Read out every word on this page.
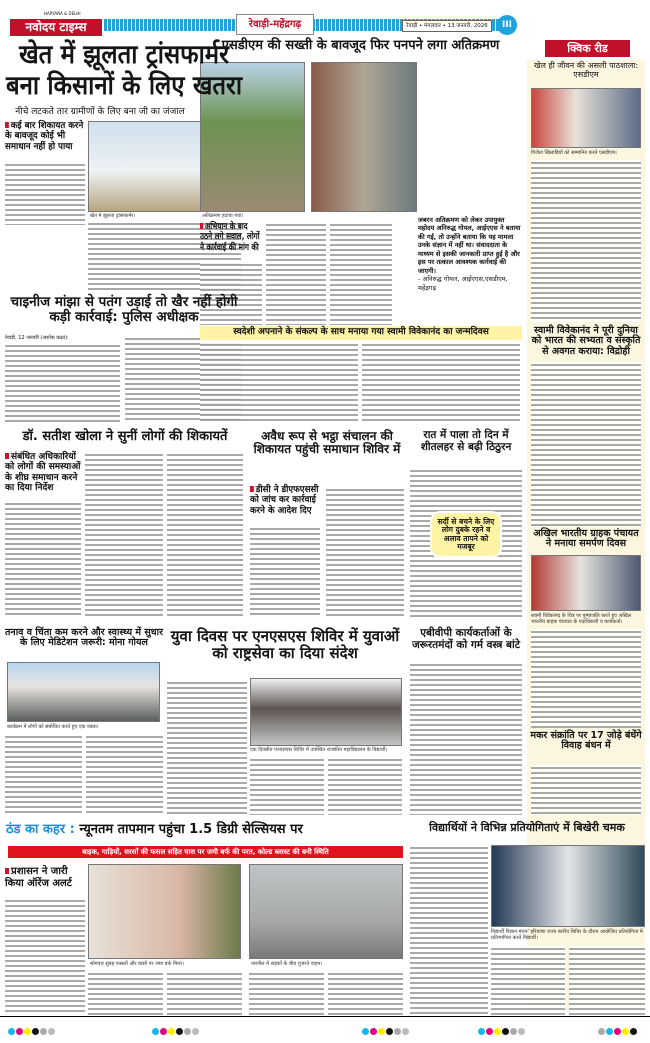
नवोदय टाइम्स
HARYANA & DELHI
रेवाड़ी-महेंद्रगढ़	रेवाड़ी • मंगलवार • 13 जनवरी, 2026	III
खेत में झूलता ट्रांसफार्मर बना किसानों के लिए खतरा
नीचे लटकते तार ग्रामीणों के लिए बना जी का जंजाल
कई बार शिकायत करने के बावजूद कोई भी समाधान नहीं हो पाया
खेत मे झूलता ट्रांसफार्मर।
एसडीएम की सख्ती के बावजूद फिर पनपने लगा अतिक्रमण
अतिक्रमण हटाया गया।
अभियान के बाद उठने लगे सवाल, लोगों ने कार्रवाई की मांग की
जबरन अतिक्रमण को लेकर उपायुक्त महोदय अनिरुद्ध गोयल, आईएएस ने बताया की गई, तो उन्होंने बताया कि यह मामला उनके संज्ञान में नहीं था। संवाददाता के माध्यम से इसकी जानकारी प्राप्त हुई है और इस पर तत्काल आवश्यक कार्रवाई की जाएगी।
- अनिरुद्ध गोयल, आईएएस,एसडीएम, महेंद्रगढ़
क्विक रीड
खेल ही जीवन की असली पाठशाला: एसडीएम
विजेता खिलाड़ियों को सम्मानित करते एसडीएम।
स्वामी विवेकानंद ने पूरी दुनिया को भारत की सभ्यता व संस्कृति से अवगत कराया: विद्रोही
अखिल भारतीय ग्राहक पंचायत ने मनाया समर्पण दिवस
स्वामी विवेकानंद के चित्र पर पुष्पांजलि करते हुए अखिल भारतीय ग्राहक पंचायत के पदाधिकारी व कार्यकर्ता।
मकर संक्रांति पर 17 जोड़े बंधेंगे विवाह बंधन में
चाइनीज मांझा से पतंग उड़ाई तो खैर नहीं होगी कड़ी कार्रवाई: पुलिस अधीक्षक
रेवाड़ी, 12 जनवरी (अशोक कक्षा):
स्वदेशी अपनाने के संकल्प के साथ मनाया गया स्वामी विवेकानंद का जन्मदिवस
डॉ. सतीश खोला ने सुनीं लोगों की शिकायतें
संबंधित अधिकारियों को लोगों की समस्याओं के शीघ्र समाधान करने का दिया निर्देश
अवैध रूप से भट्ठा संचालन की शिकायत पहुंची समाधान शिविर में
डीसी ने डीएफएससी को जांच कर कार्रवाई करने के आदेश दिए
रात में पाला तो दिन में शीतलहर से बढ़ी ठिठुरन
सर्दी से बचने के लिए लोग दुबके रहने व अलाव तापने को मजबूर
तनाव व चिंता कम करने और स्वास्थ्य में सुधार के लिए मेडिटेशन जरूरी: मोना गोयल
कार्यक्रम में लोगों को संबोधित करते हुए एक वक्ता।
युवा दिवस पर एनएसएस शिविर में युवाओं को राष्ट्रसेवा का दिया संदेश
एक दिवसीय एनएसएस शिविर में उपस्थित राजकीय महाविद्यालय के विद्यार्थी।
एबीवीपी कार्यकर्ताओं के जरूरतमंदों को गर्म वस्त्र बांटे
ठंड का कहर : न्यूनतम तापमान पहुंचा 1.5 डिग्री सेल्सियस पर
बाइक, गाड़ियों, सरसों की फसल सहित घास पर जमी बर्फ की परत, कोल्ड ब्लास्ट की बनी स्थिति
प्रशासन ने जारी किया ऑरेंज अलर्ट
सोमवार सुबह फसलों और घासों पर जमा बर्फ मिला।	नारनौल में सड़कों के बीच गुजरते वाहन।
विद्यार्थियों ने विभिन्न प्रतियोगिताएं में बिखेरी चमक
विद्यार्थी विज्ञान मंथन' हरियाणा राज्य स्तरीय शिविर के दौरान आयोजित प्रतियोगिता में प्रतिभागिता करते विद्यार्थी।
